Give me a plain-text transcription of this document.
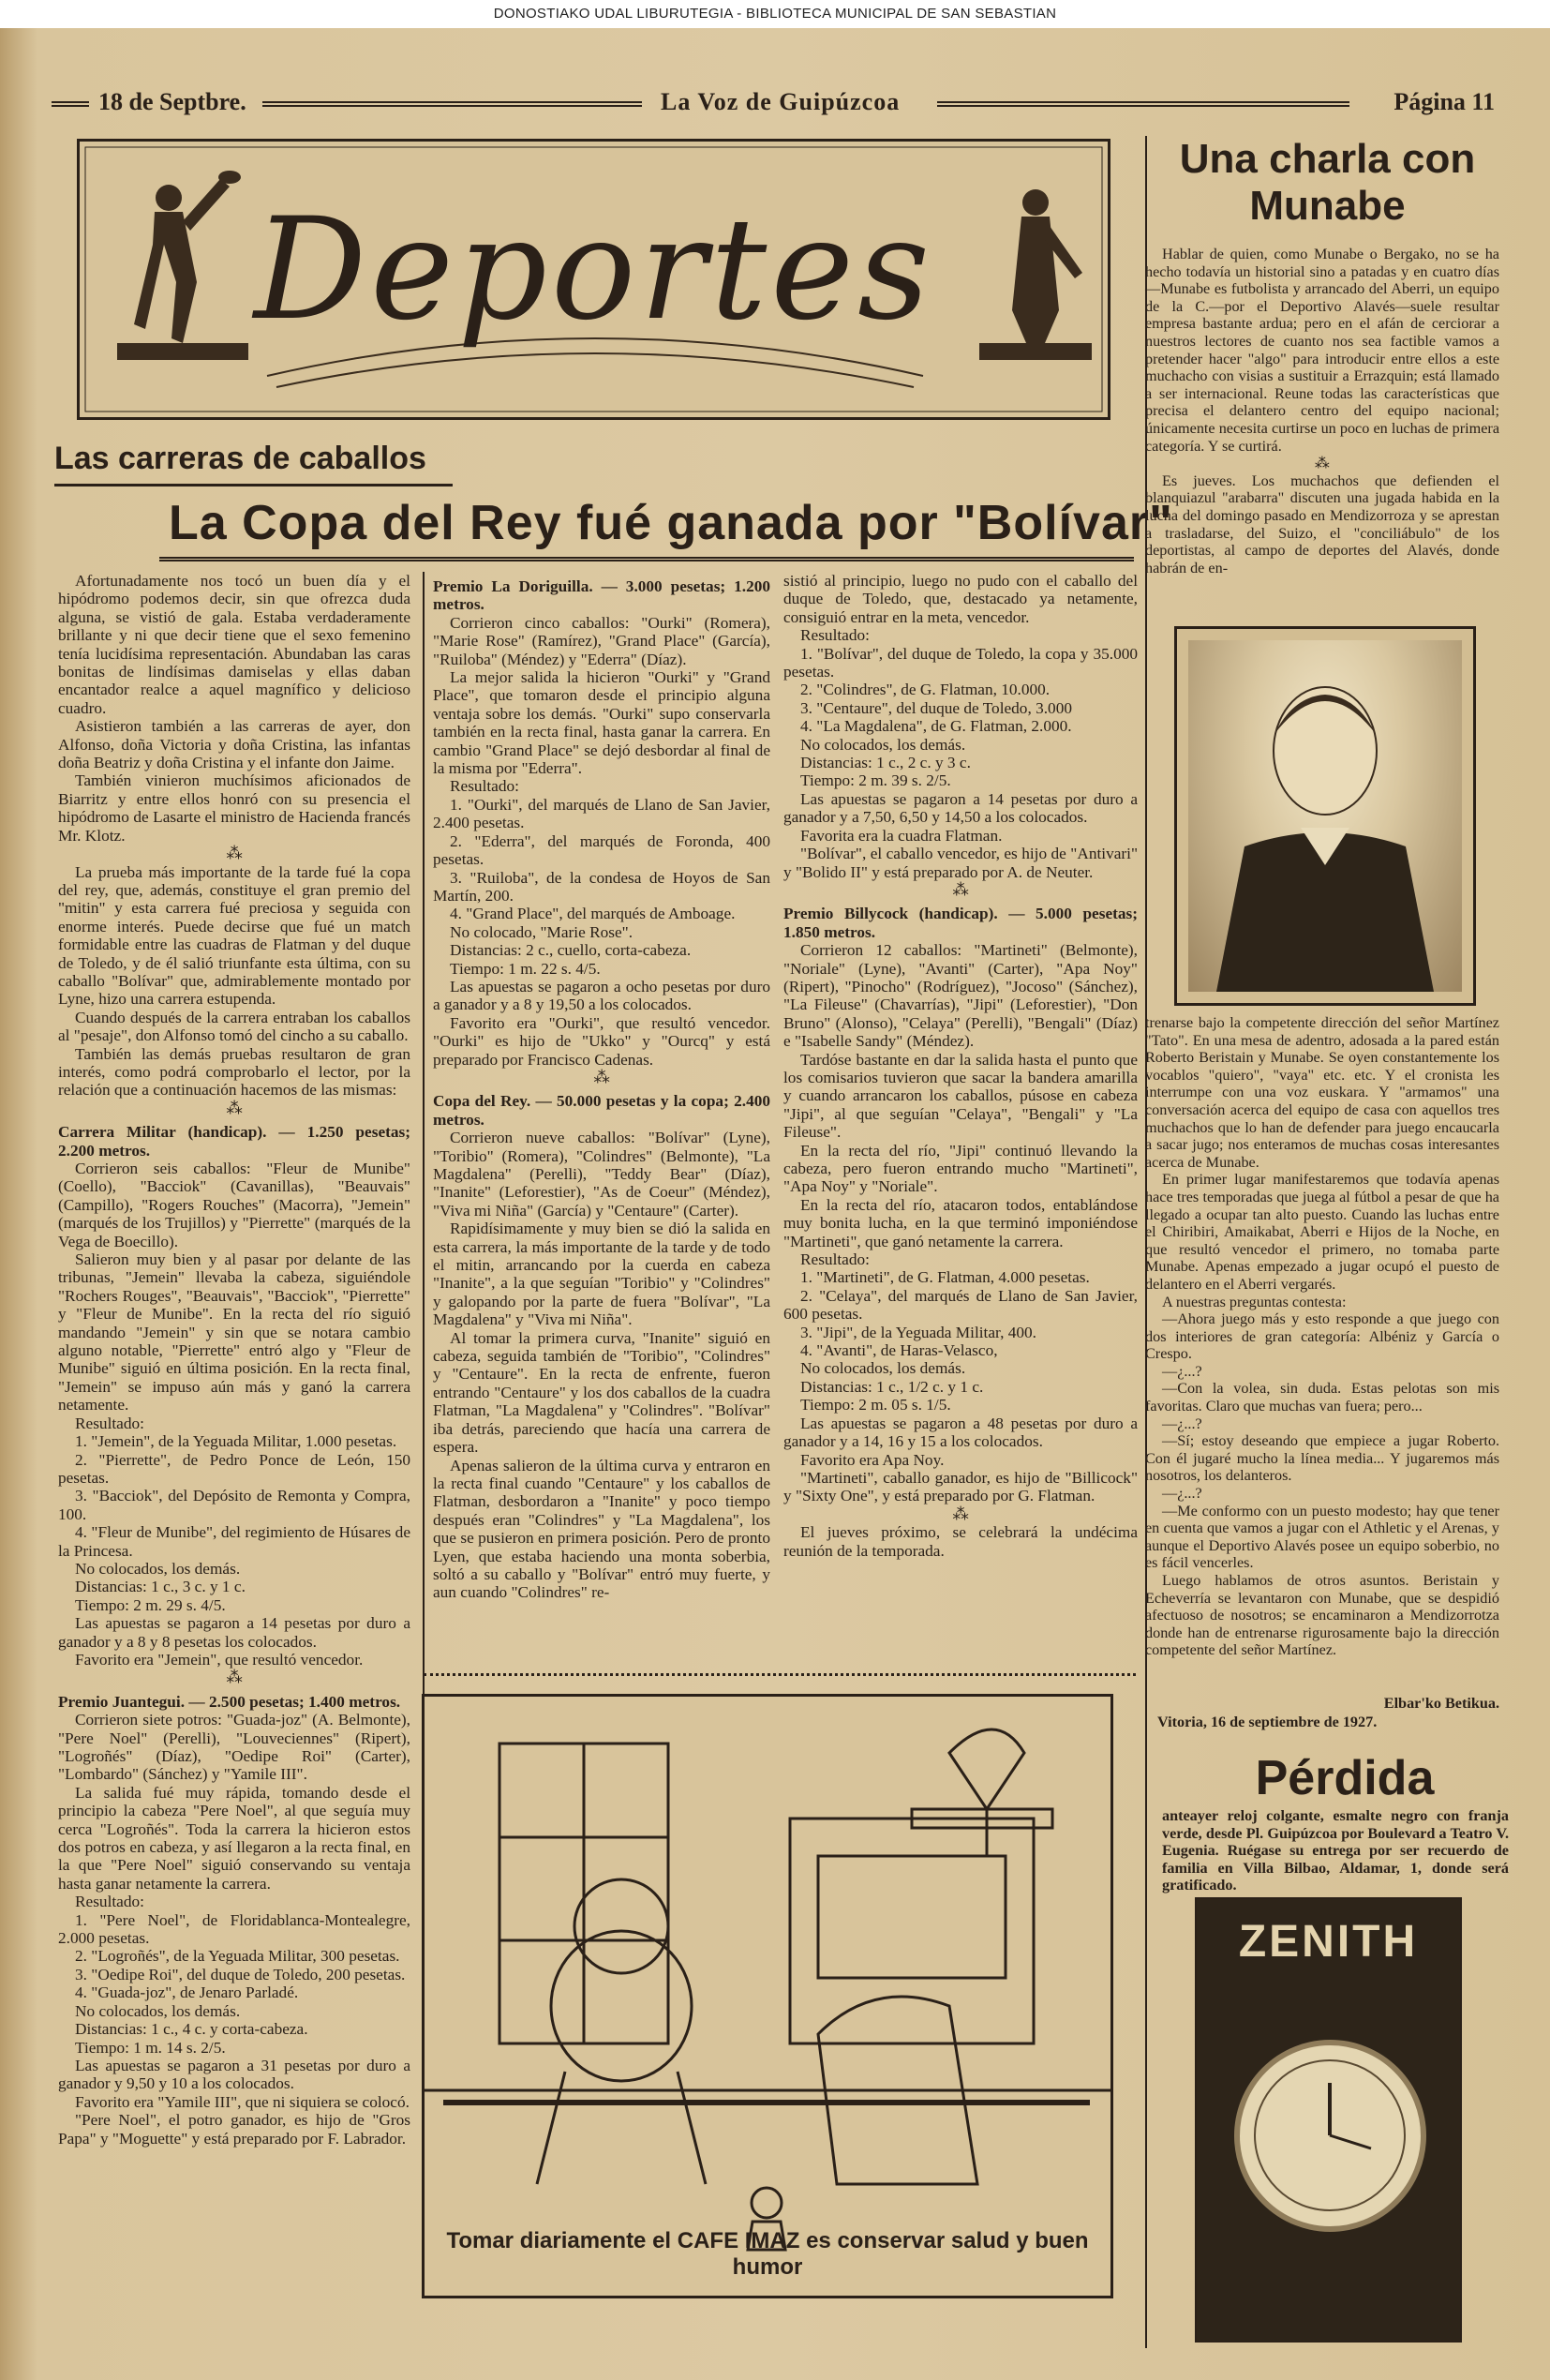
DONOSTIAKO UDAL LIBURUTEGIA - BIBLIOTECA MUNICIPAL DE SAN SEBASTIAN
18 de Septbre.	La Voz de Guipúzcoa	Página 11
Deportes
Las carreras de caballos
La Copa del Rey fué ganada por "Bolívar"

Afortunadamente nos tocó un buen día y el hipódromo podemos decir, sin que ofrezca duda alguna, se vistió de gala. Estaba verdaderamente brillante y ni que decir tiene que el sexo femenino tenía lucidísima representación. Abundaban las caras bonitas de lindísimas damiselas y ellas daban encantador realce a aquel magnífico y delicioso cuadro.

Asistieron también a las carreras de ayer, don Alfonso, doña Victoria y doña Cristina, las infantas doña Beatriz y doña Cristina y el infante don Jaime.

También vinieron muchísimos aficionados de Biarritz y entre ellos honró con su presencia el hipódromo de Lasarte el ministro de Hacienda francés Mr. Klotz.

⁂

La prueba más importante de la tarde fué la copa del rey, que, además, constituye el gran premio del "mitin" y esta carrera fué preciosa y seguida con enorme interés. Puede decirse que fué un match formidable entre las cuadras de Flatman y del duque de Toledo, y de él salió triunfante esta última, con su caballo "Bolívar" que, admirablemente montado por Lyne, hizo una carrera estupenda.

Cuando después de la carrera entraban los caballos al "pesaje", don Alfonso tomó del cincho a su caballo.

También las demás pruebas resultaron de gran interés, como podrá comprobarlo el lector, por la relación que a continuación hacemos de las mismas:

⁂

Carrera Militar (handicap). — 1.250 pesetas; 2.200 metros.

Corrieron seis caballos: "Fleur de Munibe" (Coello), "Bacciok" (Cavanillas), "Beauvais" (Campillo), "Rogers Rouches" (Macorra), "Jemein" (marqués de los Trujillos) y "Pierrette" (marqués de la Vega de Boecillo).

Salieron muy bien y al pasar por delante de las tribunas, "Jemein" llevaba la cabeza, siguiéndole "Rochers Rouges", "Beauvais", "Bacciok", "Pierrette" y "Fleur de Munibe". En la recta del río siguió mandando "Jemein" y sin que se notara cambio alguno notable, "Pierrette" entró algo y "Fleur de Munibe" siguió en última posición. En la recta final, "Jemein" se impuso aún más y ganó la carrera netamente.

Resultado:

1. "Jemein", de la Yeguada Militar, 1.000 pesetas.

2. "Pierrette", de Pedro Ponce de León, 150 pesetas.

3. "Bacciok", del Depósito de Remonta y Compra, 100.

4. "Fleur de Munibe", del regimiento de Húsares de la Princesa.

No colocados, los demás.

Distancias: 1 c., 3 c. y 1 c.

Tiempo: 2 m. 29 s. 4/5.

Las apuestas se pagaron a 14 pesetas por duro a ganador y a 8 y 8 pesetas los colocados.

Favorito era "Jemein", que resultó vencedor.

⁂

Premio Juantegui. — 2.500 pesetas; 1.400 metros.

Corrieron siete potros: "Guada-joz" (A. Belmonte), "Pere Noel" (Perelli), "Louveciennes" (Ripert), "Logroñés" (Díaz), "Oedipe Roi" (Carter), "Lombardo" (Sánchez) y "Yamile III".

La salida fué muy rápida, tomando desde el principio la cabeza "Pere Noel", al que seguía muy cerca "Logroñés". Toda la carrera la hicieron estos dos potros en cabeza, y así llegaron a la recta final, en la que "Pere Noel" siguió conservando su ventaja hasta ganar netamente la carrera.

Resultado:

1. "Pere Noel", de Floridablanca-Montealegre, 2.000 pesetas.

2. "Logroñés", de la Yeguada Militar, 300 pesetas.

3. "Oedipe Roi", del duque de Toledo, 200 pesetas.

4. "Guada-joz", de Jenaro Parladé.

No colocados, los demás.

Distancias: 1 c., 4 c. y corta-cabeza.

Tiempo: 1 m. 14 s. 2/5.

Las apuestas se pagaron a 31 pesetas por duro a ganador y 9,50 y 10 a los colocados.

Favorito era "Yamile III", que ni siquiera se colocó.

"Pere Noel", el potro ganador, es hijo de "Gros Papa" y "Moguette" y está preparado por F. Labrador.

Premio La Doriguilla. — 3.000 pesetas; 1.200 metros.

Corrieron cinco caballos: "Ourki" (Romera), "Marie Rose" (Ramírez), "Grand Place" (García), "Ruiloba" (Méndez) y "Ederra" (Díaz).

La mejor salida la hicieron "Ourki" y "Grand Place", que tomaron desde el principio alguna ventaja sobre los demás. "Ourki" supo conservarla también en la recta final, hasta ganar la carrera. En cambio "Grand Place" se dejó desbordar al final de la misma por "Ederra".

Resultado:

1. "Ourki", del marqués de Llano de San Javier, 2.400 pesetas.

2. "Ederra", del marqués de Foronda, 400 pesetas.

3. "Ruiloba", de la condesa de Hoyos de San Martín, 200.

4. "Grand Place", del marqués de Amboage.

No colocado, "Marie Rose".

Distancias: 2 c., cuello, corta-cabeza.

Tiempo: 1 m. 22 s. 4/5.

Las apuestas se pagaron a ocho pesetas por duro a ganador y a 8 y 19,50 a los colocados.

Favorito era "Ourki", que resultó vencedor. "Ourki" es hijo de "Ukko" y "Ourcq" y está preparado por Francisco Cadenas.

⁂

Copa del Rey. — 50.000 pesetas y la copa; 2.400 metros.

Corrieron nueve caballos: "Bolívar" (Lyne), "Toribio" (Romera), "Colindres" (Belmonte), "La Magdalena" (Perelli), "Teddy Bear" (Díaz), "Inanite" (Leforestier), "As de Coeur" (Méndez), "Viva mi Niña" (García) y "Centaure" (Carter).

Rapidísimamente y muy bien se dió la salida en esta carrera, la más importante de la tarde y de todo el mitin, arrancando por la cuerda en cabeza "Inanite", a la que seguían "Toribio" y "Colindres" y galopando por la parte de fuera "Bolívar", "La Magdalena" y "Viva mi Niña".

Al tomar la primera curva, "Inanite" siguió en cabeza, seguida también de "Toribio", "Colindres" y "Centaure". En la recta de enfrente, fueron entrando "Centaure" y los dos caballos de la cuadra Flatman, "La Magdalena" y "Colindres". "Bolívar" iba detrás, pareciendo que hacía una carrera de espera.

Apenas salieron de la última curva y entraron en la recta final cuando "Centaure" y los caballos de Flatman, desbordaron a "Inanite" y poco tiempo después eran "Colindres" y "La Magdalena", los que se pusieron en primera posición. Pero de pronto Lyen, que estaba haciendo una monta soberbia, soltó a su caballo y "Bolívar" entró muy fuerte, y aun cuando "Colindres" re-

sistió al principio, luego no pudo con el caballo del duque de Toledo, que, destacado ya netamente, consiguió entrar en la meta, vencedor.

Resultado:

1. "Bolívar", del duque de Toledo, la copa y 35.000 pesetas.

2. "Colindres", de G. Flatman, 10.000.

3. "Centaure", del duque de Toledo, 3.000

4. "La Magdalena", de G. Flatman, 2.000.

No colocados, los demás.

Distancias: 1 c., 2 c. y 3 c.

Tiempo: 2 m. 39 s. 2/5.

Las apuestas se pagaron a 14 pesetas por duro a ganador y a 7,50, 6,50 y 14,50 a los colocados.

Favorita era la cuadra Flatman.

"Bolívar", el caballo vencedor, es hijo de "Antivari" y "Bolido II" y está preparado por A. de Neuter.

⁂

Premio Billycock (handicap). — 5.000 pesetas; 1.850 metros.

Corrieron 12 caballos: "Martineti" (Belmonte), "Noriale" (Lyne), "Avanti" (Carter), "Apa Noy" (Ripert), "Pinocho" (Rodríguez), "Jocoso" (Sánchez), "La Fileuse" (Chavarrías), "Jipi" (Leforestier), "Don Bruno" (Alonso), "Celaya" (Perelli), "Bengali" (Díaz) e "Isabelle Sandy" (Méndez).

Tardóse bastante en dar la salida hasta el punto que los comisarios tuvieron que sacar la bandera amarilla y cuando arrancaron los caballos, púsose en cabeza "Jipi", al que seguían "Celaya", "Bengali" y "La Fileuse".

En la recta del río, "Jipi" continuó llevando la cabeza, pero fueron entrando mucho "Martineti", "Apa Noy" y "Noriale".

En la recta del río, atacaron todos, entablándose muy bonita lucha, en la que terminó imponiéndose "Martineti", que ganó netamente la carrera.

Resultado:

1. "Martineti", de G. Flatman, 4.000 pesetas.

2. "Celaya", del marqués de Llano de San Javier, 600 pesetas.

3. "Jipi", de la Yeguada Militar, 400.

4. "Avanti", de Haras-Velasco,

No colocados, los demás.

Distancias: 1 c., 1/2 c. y 1 c.

Tiempo: 2 m. 05 s. 1/5.

Las apuestas se pagaron a 48 pesetas por duro a ganador y a 14, 16 y 15 a los colocados.

Favorito era Apa Noy.

"Martineti", caballo ganador, es hijo de "Billicock" y "Sixty One", y está preparado por G. Flatman.

⁂

El jueves próximo, se celebrará la undécima reunión de la temporada.

Una charla con Munabe

Hablar de quien, como Munabe o Bergako, no se ha hecho todavía un historial sino a patadas y en cuatro días—Munabe es futbolista y arrancado del Aberri, un equipo de la C.—por el Deportivo Alavés—suele resultar empresa bastante ardua; pero en el afán de cerciorar a nuestros lectores de cuanto nos sea factible vamos a pretender hacer "algo" para introducir entre ellos a este muchacho con visias a sustituir a Errazquin; está llamado a ser internacional. Reune todas las características que precisa el delantero centro del equipo nacional; únicamente necesita curtirse un poco en luchas de primera categoría. Y se curtirá.

⁂

Es jueves. Los muchachos que defienden el blanquiazul "arabarra" discuten una jugada habida en la lucha del domingo pasado en Mendizorroza y se aprestan a trasladarse, del Suizo, el "conciliábulo" de los deportistas, al campo de deportes del Alavés, donde habrán de en-

trenarse bajo la competente dirección del señor Martínez "Tato". En una mesa de adentro, adosada a la pared están Roberto Beristain y Munabe. Se oyen constantemente los vocablos "quiero", "vaya" etc. etc. Y el cronista les interrumpe con una voz euskara. Y "armamos" una conversación acerca del equipo de casa con aquellos tres muchachos que lo han de defender para juego encaucarla a sacar jugo; nos enteramos de muchas cosas interesantes acerca de Munabe.

En primer lugar manifestaremos que todavía apenas hace tres temporadas que juega al fútbol a pesar de que ha llegado a ocupar tan alto puesto. Cuando las luchas entre el Chiribiri, Amaikabat, Aberri e Hijos de la Noche, en que resultó vencedor el primero, no tomaba parte Munabe. Apenas empezado a jugar ocupó el puesto de delantero en el Aberri vergarés.

A nuestras preguntas contesta:

—Ahora juego más y esto responde a que juego con dos interiores de gran categoría: Albéniz y García o Crespo.

—¿...?

—Con la volea, sin duda. Estas pelotas son mis favoritas. Claro que muchas van fuera; pero...

—¿...?

—Sí; estoy deseando que empiece a jugar Roberto. Con él jugaré mucho la línea media... Y jugaremos más nosotros, los delanteros.

—¿...?

—Me conformo con un puesto modesto; hay que tener en cuenta que vamos a jugar con el Athletic y el Arenas, y aunque el Deportivo Alavés posee un equipo soberbio, no es fácil vencerles.

Luego hablamos de otros asuntos. Beristain y Echeverría se levantaron con Munabe, que se despidió afectuoso de nosotros; se encaminaron a Mendizorrotza donde han de entrenarse rigurosamente bajo la dirección competente del señor Martínez.

Elbar'ko Betikua.
Vitoria, 16 de septiembre de 1927.
Tomar diariamente el CAFE IMAZ es conservar salud y buen humor
Pérdida
anteayer reloj colgante, esmalte negro con franja verde, desde Pl. Guipúzcoa por Boulevard a Teatro V. Eugenia. Ruégase su entrega por ser recuerdo de familia en Villa Bilbao, Aldamar, 1, donde será gratificado.
ZENITH
